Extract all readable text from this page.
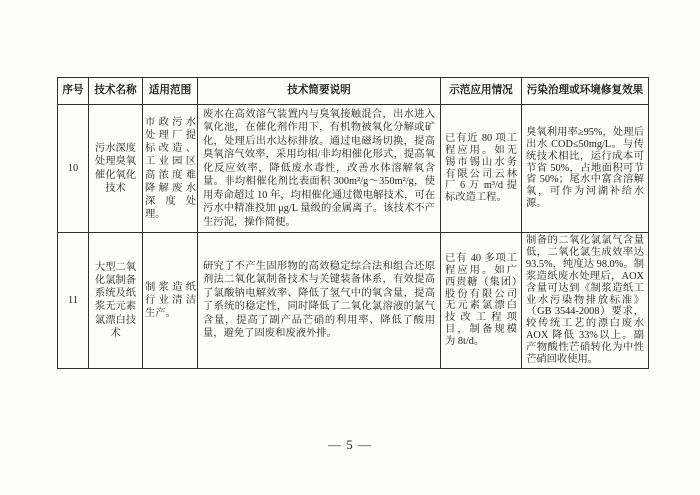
序号	技术名称	适用范围	技术简要说明	示范应用情况	污染治理或环境修复效果
10	污水深度处理臭氧催化氧化技术	市政污水处理厂提标改造、工业园区高浓度难降解废水深度处理。	废水在高效溶气装置内与臭氧接触混合，出水进入氧化池，在催化剂作用下，有机物被氧化分解或矿化，处理后出水达标排放。通过电磁场切换，提高臭氧溶气效率，采用均相/非均相催化形式，提高氧化反应效率，降低废水毒性，改善水体溶解氧含量。非均相催化剂比表面积 300m²/g～350m²/g，使用寿命超过 10 年，均相催化通过微电解技术，可在污水中精准投加 μg/L 量级的金属离子。该技术不产生污泥，操作简便。	已有近 80 项工程应用。如无锡市锡山水务有限公司云林厂 6 万 m³/d 提标改造工程。	臭氧利用率≥95%，处理后出水 COD≤50mg/L。与传统技术相比，运行成本可节省 50%，占地面积可节省 50%；尾水中富含溶解氧，可作为河湖补给水源。
11	大型二氧化氯制备系统及纸浆无元素氯漂白技术	制浆造纸行业清洁生产。	研究了不产生固形物的高效稳定综合法和组合还原剂法二氧化氯制备技术与关键装备体系，有效提高了氯酸钠电解效率、降低了氢气中的氧含量，提高了系统的稳定性，同时降低了二氧化氯溶液的氯气含量，提高了副产品芒硝的利用率、降低了酸用量，避免了固废和废液外排。	已有 40 多项工程应用。如广西贵糖（集团）股份有限公司无元素氯漂白技改工程项目，制备规模为 8t/d。	制备的二氧化氯氯气含量低，二氧化氯生成效率达 93.5%，纯度达 98.0%。制浆造纸废水处理后，AOX 含量可达到《制浆造纸工业水污染物排放标准》（GB 3544-2008）要求，较传统工艺的漂白废水 AOX 降低 33%以上。副产物酸性芒硝转化为中性芒硝回收使用。
— 5 —
